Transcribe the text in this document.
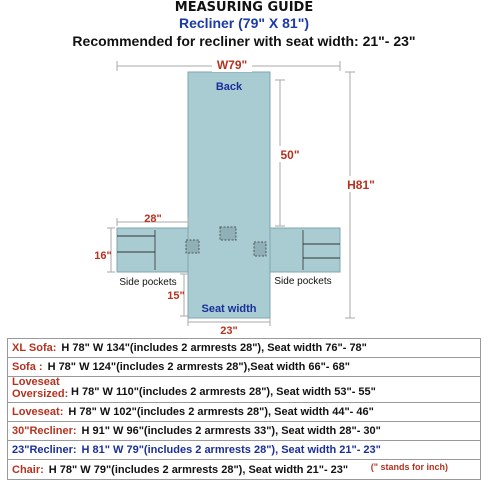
MEASURING GUIDE
Recliner (79" X 81")
Recommended for recliner with seat width: 21"- 23"
W79"
H81"
Back
50"
28"
16"
15"
Seat width
23"
Side pockets	Side pockets
XL Sofa: H 78" W 134"(includes 2 armrests 28"), Seat width 76"- 78"
Sofa : H 78" W 124"(includes 2 armrests 28"),Seat width 66"- 68"
Loveseat Oversized: H 78" W 110"(includes 2 armrests 28"), Seat width 53"- 55"
Loveseat: H 78" W 102"(includes 2 armrests 28"), Seat width 44"- 46"
30"Recliner: H 91" W 96"(includes 2 armrests 33"), Seat width 28"- 30"
23"Recliner: H 81" W 79"(includes 2 armrests 28"), Seat width 21"- 23"
Chair: H 78" W 79"(includes 2 armrests 28"), Seat width 21"- 23"	(" stands for inch)
